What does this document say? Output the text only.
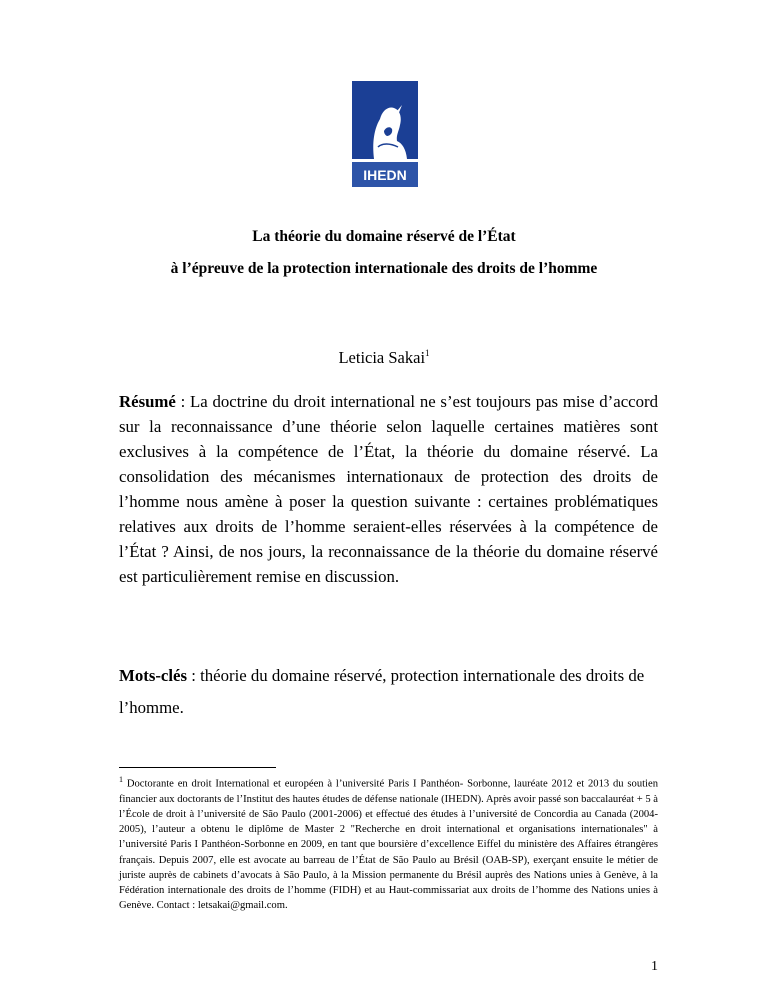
IHEDN
La théorie du domaine réservé de l’État
à l’épreuve de la protection internationale des droits de l’homme
Leticia Sakai$^1$
Résumé : La doctrine du droit international ne s’est toujours pas mise d’accord sur la reconnaissance d’une théorie selon laquelle certaines matières sont exclusives à la compétence de l’État, la théorie du domaine réservé. La consolidation des mécanismes internationaux de protection des droits de l’homme nous amène à poser la question suivante : certaines problématiques relatives aux droits de l’homme seraient-elles réservées à la compétence de l’État ? Ainsi, de nos jours, la reconnaissance de la théorie du domaine réservé est particulièrement remise en discussion.
Mots-clés : théorie du domaine réservé, protection internationale des droits de l’homme.
$^1$ Doctorante en droit International et européen à l’université Paris I Panthéon- Sorbonne, lauréate 2012 et 2013 du soutien financier aux doctorants de l’Institut des hautes études de défense nationale (IHEDN). Après avoir passé son baccalauréat + 5 à l’École de droit à l’université de São Paulo (2001-2006) et effectué des études à l’université de Concordia au Canada (2004-2005), l’auteur a obtenu le diplôme de Master 2 "Recherche en droit international et organisations internationales" à l’université Paris I Panthéon-Sorbonne en 2009, en tant que boursière d’excellence Eiffel du ministère des Affaires étrangères français. Depuis 2007, elle est avocate au barreau de l’État de São Paulo au Brésil (OAB-SP), exerçant ensuite le métier de juriste auprès de cabinets d’avocats à São Paulo, à la Mission permanente du Brésil auprès des Nations unies à Genève, à la Fédération internationale des droits de l’homme (FIDH) et au Haut-commissariat aux droits de l’homme des Nations unies à Genève. Contact : letsakai@gmail.com.
1
